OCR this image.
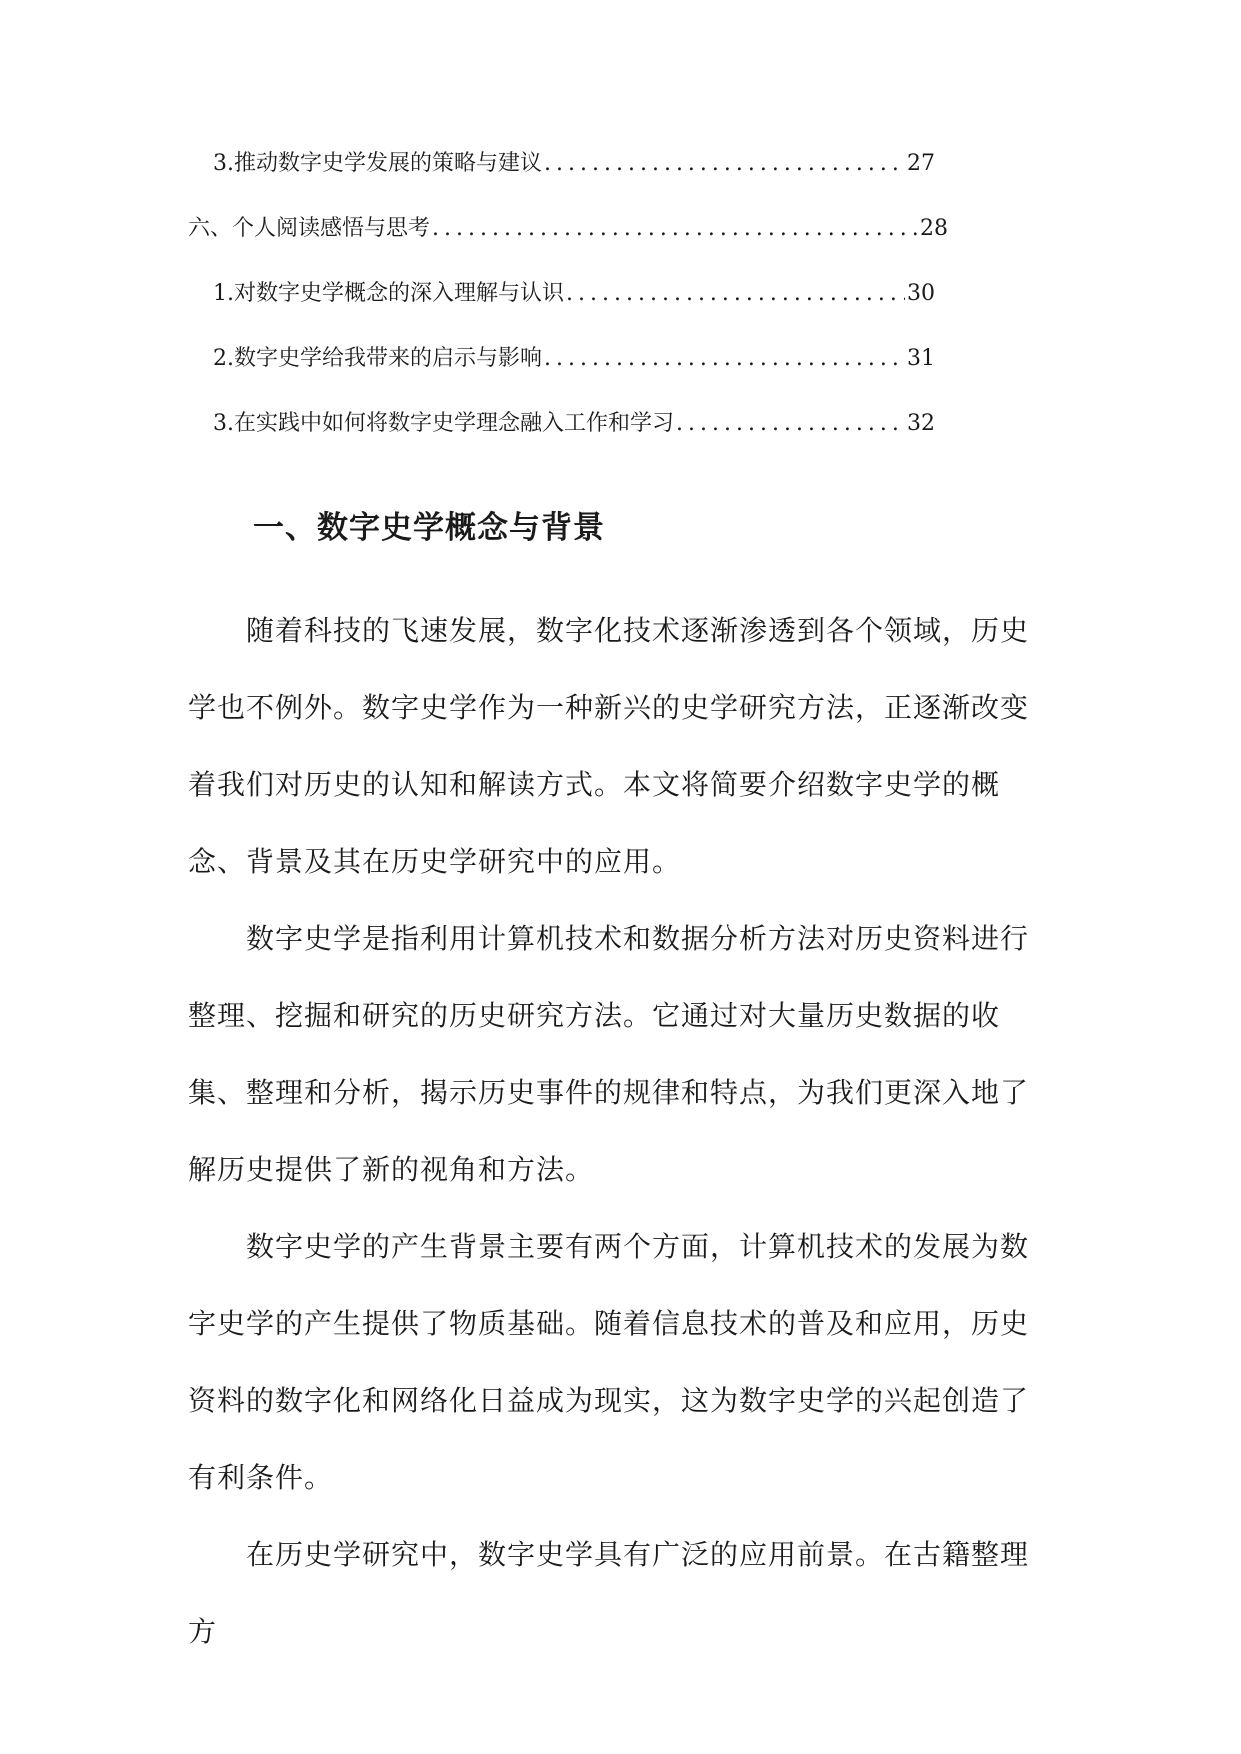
3. 推动数字史学发展的策略与建议 .....	27
六、个人阅读感悟与思考 .....	28
1. 对数字史学概念的深入理解与认识 .....	30
2. 数字史学给我带来的启示与影响 .....	31
3. 在实践中如何将数字史学理念融入工作和学习 .....	32
一、数字史学概念与背景

随着科技的飞速发展，数字化技术逐渐渗透到各个领域，历史学也不例外。数字史学作为一种新兴的史学研究方法，正逐渐改变着我们对历史的认知和解读方式。本文将简要介绍数字史学的概念、背景及其在历史学研究中的应用。

数字史学是指利用计算机技术和数据分析方法对历史资料进行整理、挖掘和研究的历史研究方法。它通过对大量历史数据的收集、整理和分析，揭示历史事件的规律和特点，为我们更深入地了解历史提供了新的视角和方法。

数字史学的产生背景主要有两个方面，计算机技术的发展为数字史学的产生提供了物质基础。随着信息技术的普及和应用，历史资料的数字化和网络化日益成为现实，这为数字史学的兴起创造了有利条件。

在历史学研究中，数字史学具有广泛的应用前景。在古籍整理方
